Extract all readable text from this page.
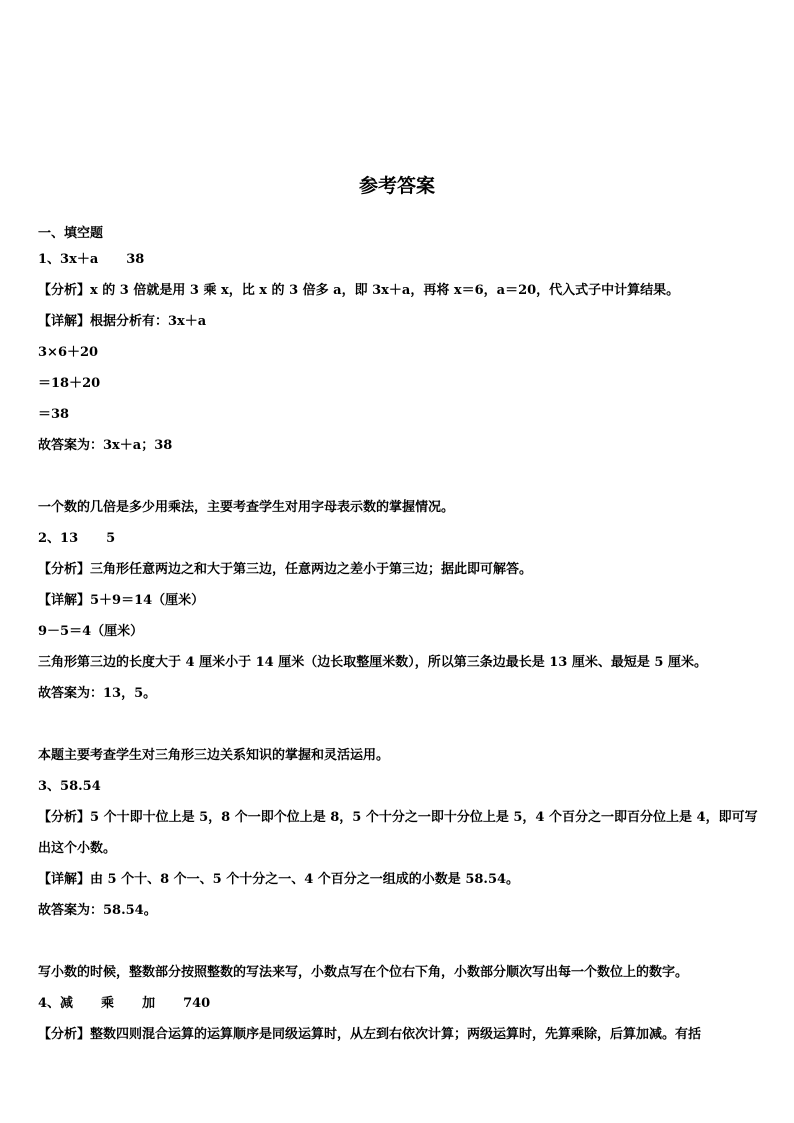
参考答案
一、填空题
1、3x＋a 38
【分析】x 的 3 倍就是用 3 乘 x，比 x 的 3 倍多 a，即 3x＋a，再将 x＝6，a＝20，代入式子中计算结果。
【详解】根据分析有：3x＋a
3×6＋20
＝18＋20
＝38
故答案为：3x＋a；38
一个数的几倍是多少用乘法，主要考查学生对用字母表示数的掌握情况。
2、13 5
【分析】三角形任意两边之和大于第三边，任意两边之差小于第三边；据此即可解答。
【详解】5＋9＝14（厘米）
9－5＝4（厘米）
三角形第三边的长度大于 4 厘米小于 14 厘米（边长取整厘米数），所以第三条边最长是 13 厘米、最短是 5 厘米。
故答案为：13，5。
本题主要考查学生对三角形三边关系知识的掌握和灵活运用。
3、58.54
【分析】5 个十即十位上是 5，8 个一即个位上是 8，5 个十分之一即十分位上是 5，4 个百分之一即百分位上是 4，即可写出这个小数。
【详解】由 5 个十、8 个一、5 个十分之一、4 个百分之一组成的小数是 58.54。
故答案为：58.54。
写小数的时候，整数部分按照整数的写法来写，小数点写在个位右下角，小数部分顺次写出每一个数位上的数字。
4、减 乘 加 740
【分析】整数四则混合运算的运算顺序是同级运算时，从左到右依次计算；两级运算时，先算乘除，后算加减。有括
